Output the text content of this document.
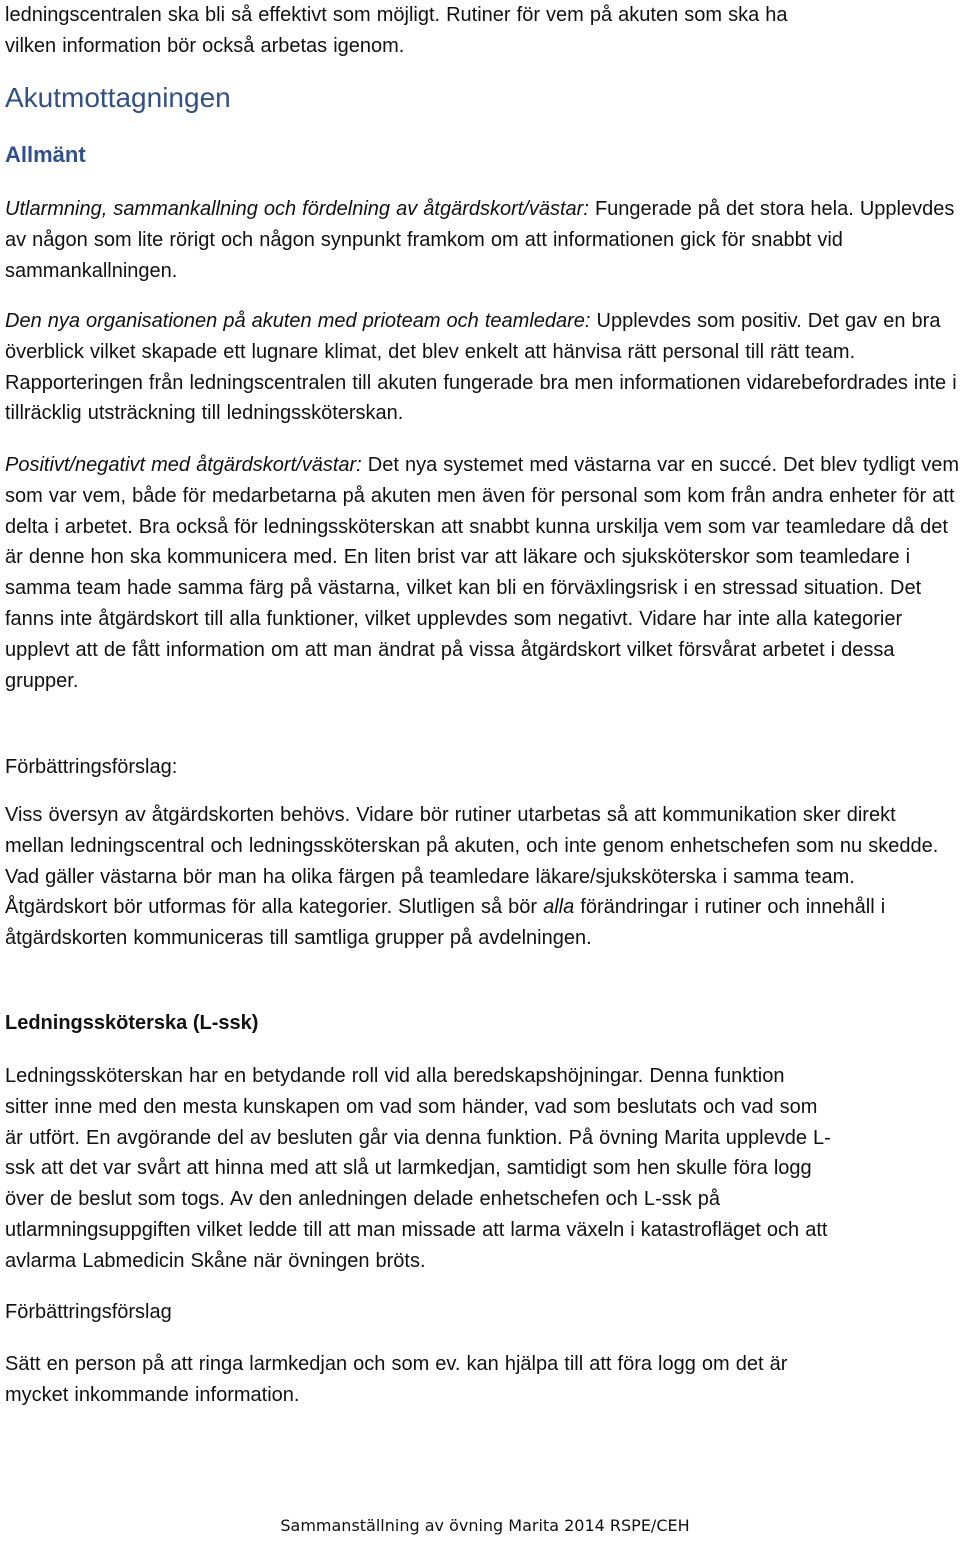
ledningscentralen ska bli så effektivt som möjligt. Rutiner för vem på akuten som ska ha

vilken information bör också arbetas igenom.

Akutmottagningen
Allmänt

Utlarmning, sammankallning och fördelning av åtgärdskort/västar: Fungerade på det stora hela. Upplevdes av någon som lite rörigt och någon synpunkt framkom om att informationen gick för snabbt vid sammankallningen.

Den nya organisationen på akuten med prioteam och teamledare: Upplevdes som positiv. Det gav en bra överblick vilket skapade ett lugnare klimat, det blev enkelt att hänvisa rätt personal till rätt team. Rapporteringen från ledningscentralen till akuten fungerade bra men informationen vidarebefordrades inte i tillräcklig utsträckning till ledningssköterskan.

Positivt/negativt med åtgärdskort/västar: Det nya systemet med västarna var en succé. Det blev tydligt vem som var vem, både för medarbetarna på akuten men även för personal som kom från andra enheter för att delta i arbetet. Bra också för ledningssköterskan att snabbt kunna urskilja vem som var teamledare då det är denne hon ska kommunicera med. En liten brist var att läkare och sjuksköterskor som teamledare i samma team hade samma färg på västarna, vilket kan bli en förväxlingsrisk i en stressad situation. Det fanns inte åtgärdskort till alla funktioner, vilket upplevdes som negativt. Vidare har inte alla kategorier upplevt att de fått information om att man ändrat på vissa åtgärdskort vilket försvårat arbetet i dessa grupper.

Förbättringsförslag:

Viss översyn av åtgärdskorten behövs. Vidare bör rutiner utarbetas så att kommunikation sker direkt mellan ledningscentral och ledningssköterskan på akuten, och inte genom enhetschefen som nu skedde. Vad gäller västarna bör man ha olika färgen på teamledare läkare/sjuksköterska i samma team. Åtgärdskort bör utformas för alla kategorier. Slutligen så bör alla förändringar i rutiner och innehåll i åtgärdskorten kommuniceras till samtliga grupper på avdelningen.

Ledningssköterska (L-ssk)

Ledningssköterskan har en betydande roll vid alla beredskapshöjningar. Denna funktion

sitter inne med den mesta kunskapen om vad som händer, vad som beslutats och vad som

är utfört. En avgörande del av besluten går via denna funktion. På övning Marita upplevde L-

ssk att det var svårt att hinna med att slå ut larmkedjan, samtidigt som hen skulle föra logg

över de beslut som togs. Av den anledningen delade enhetschefen och L-ssk på

utlarmningsuppgiften vilket ledde till att man missade att larma växeln i katastrofläget och att

avlarma Labmedicin Skåne när övningen bröts.

Förbättringsförslag

Sätt en person på att ringa larmkedjan och som ev. kan hjälpa till att föra logg om det är

mycket inkommande information.

Sammanställning av övning Marita 2014 RSPE/CEH
